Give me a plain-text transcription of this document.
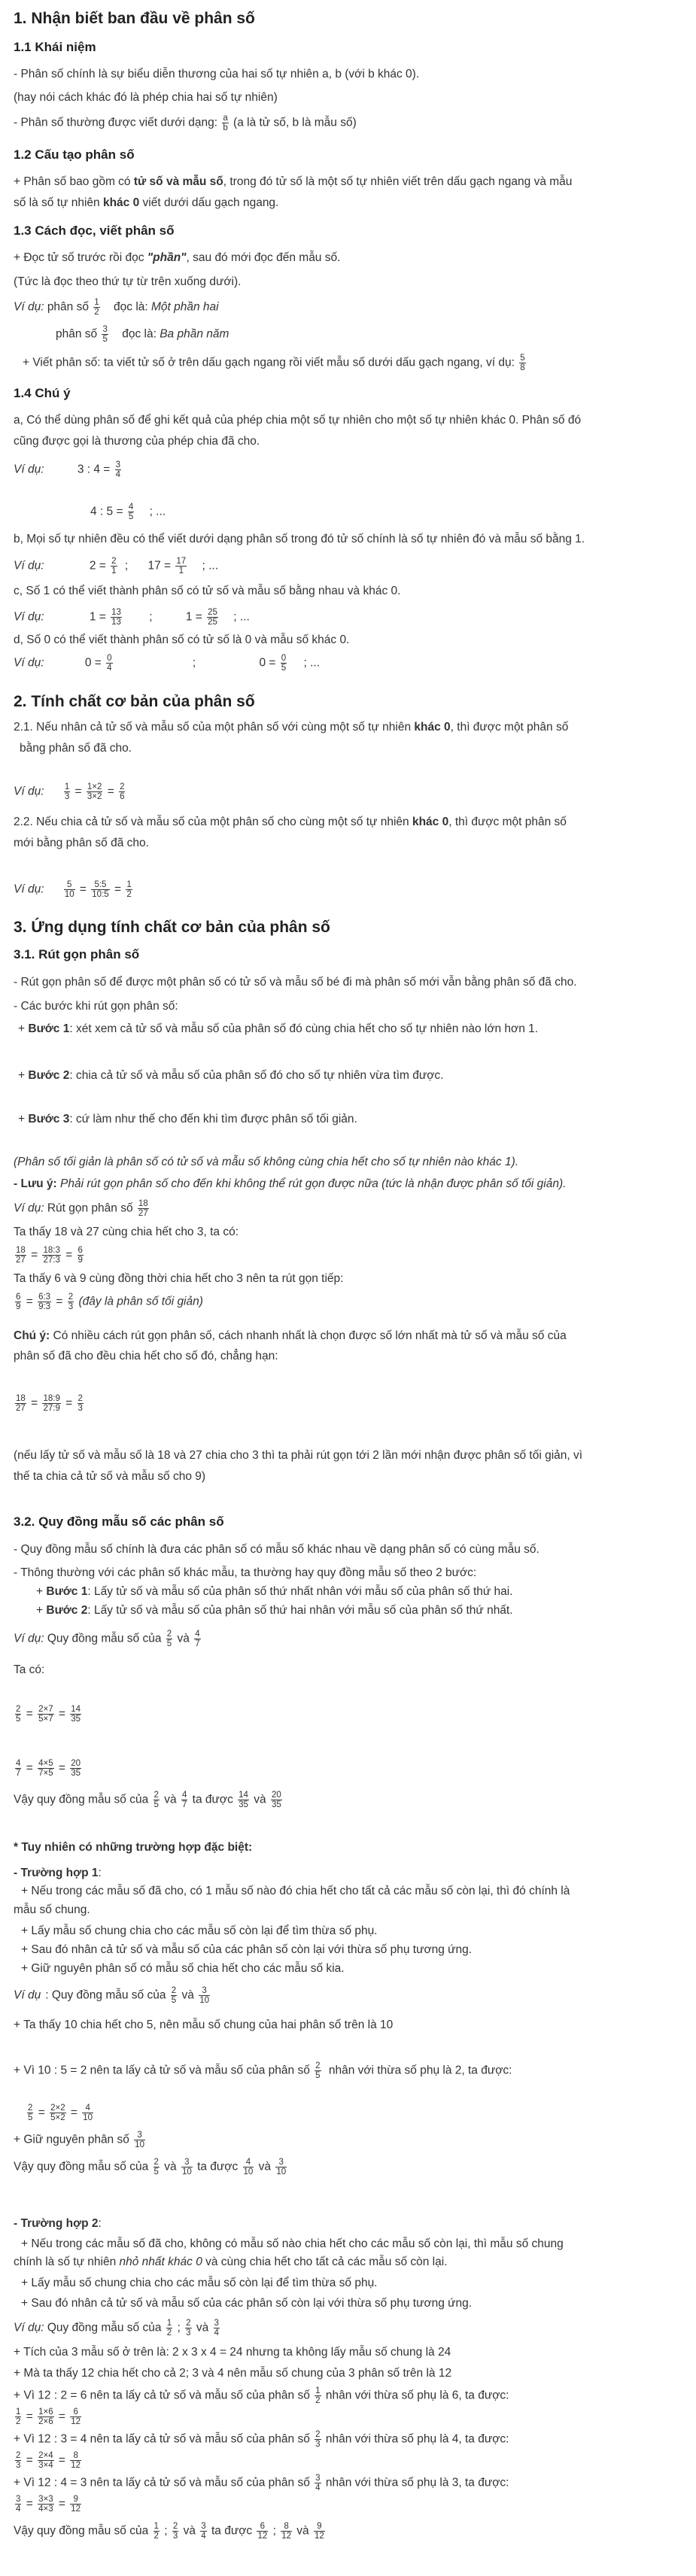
1. Nhận biết ban đầu về phân số
1.1 Khái niệm
- Phân số chính là sự biểu diễn thương của hai số tự nhiên a, b (với b khác 0).
(hay nói cách khác đó là phép chia hai số tự nhiên)
- Phân số thường được viết dưới dạng: $\frac{a}{b} (a$ là tử số, b là mẫu số)
1.2 Cấu tạo phân số
+ Phân số bao gồm có tử số và mẫu số, trong đó tử số là một số tự nhiên viết trên dấu gạch ngang và mẫu
số là số tự nhiên khác 0 viết dưới dấu gạch ngang.
1.3 Cách đọc, viết phân số
+ Đọc tử số trước rồi đọc "phần", sau đó mới đọc đến mẫu số.
(Tức là đọc theo thứ tự từ trên xuống dưới).
Ví dụ: phân số $\frac{1}{2}$ đọc là: Một phần hai
phân số $\frac{3}{5}$ đọc là: Ba phần năm
+ Viết phân số: ta viết tử số ở trên dấu gạch ngang rồi viết mẫu số dưới dấu gạch ngang, ví dụ: $\frac{5}{8}$
1.4 Chú ý
a, Có thể dùng phân số để ghi kết quả của phép chia một số tự nhiên cho một số tự nhiên khác 0. Phân số đó
cũng được gọi là thương của phép chia đã cho.
Ví dụ:	3 : $4 = \frac{3}{4}$
4 : $5 = \frac{4}{5}$ ; ...
b, Mọi số tự nhiên đều có thể viết dưới dạng phân số trong đó tử số chính là số tự nhiên đó và mẫu số bằng 1.
Ví dụ:	$2 = \frac{2}{1}$ ; $17 = \frac{17}{1}$ ; ...
c, Số 1 có thể viết thành phân số có tử số và mẫu số bằng nhau và khác 0.
Ví dụ:	$1 = \frac{13}{13}$ ;	$1 = \frac{25}{25}$ ; ...
d, Số 0 có thể viết thành phân số có tử số là 0 và mẫu số khác 0.
Ví dụ:	$0 = \frac{0}{4}$	;	$0 = \frac{0}{5}$ ; ...
2. Tính chất cơ bản của phân số
2.1. Nếu nhân cả tử số và mẫu số của một phân số với cùng một số tự nhiên khác 0, thì được một phân số
bằng phân số đã cho.
Ví dụ: $\frac{1}{3} = \frac{1\times 2}{3\times 2} = \frac{2}{6}$
2.2. Nếu chia cả tử số và mẫu số của một phân số cho cùng một số tự nhiên khác 0, thì được một phân số
mới bằng phân số đã cho.
Ví dụ: $\frac{5}{10} = \frac{5:5}{10:5} = \frac{1}{2}$
3. Ứng dụng tính chất cơ bản của phân số
3.1. Rút gọn phân số
- Rút gọn phân số để được một phân số có tử số và mẫu số bé đi mà phân số mới vẫn bằng phân số đã cho.
- Các bước khi rút gọn phân số:
+ Bước 1: xét xem cả tử số và mẫu số của phân số đó cùng chia hết cho số tự nhiên nào lớn hơn 1.
+ Bước 2: chia cả tử số và mẫu số của phân số đó cho số tự nhiên vừa tìm được.
+ Bước 3: cứ làm như thế cho đến khi tìm được phân số tối giản.
(Phân số tối giản là phân số có tử số và mẫu số không cùng chia hết cho số tự nhiên nào khác 1).
- Lưu ý: Phải rút gọn phân số cho đến khi không thể rút gọn được nữa (tức là nhận được phân số tối giản).
Ví dụ: Rút gọn phân số $\frac{18}{27}$
Ta thấy 18 và 27 cùng chia hết cho 3, ta có:
$\frac{18}{27} = \frac{18:3}{27:3} = \frac{6}{9}$
Ta thấy 6 và 9 cùng đồng thời chia hết cho 3 nên ta rút gọn tiếp:
$\frac{6}{9} = \frac{6:3}{9:3} = \frac{2}{3}$ (đây là phân số tối giản)
Chú ý: Có nhiều cách rút gọn phân số, cách nhanh nhất là chọn được số lớn nhất mà tử số và mẫu số của
phân số đã cho đều chia hết cho số đó, chẳng hạn:
$\frac{18}{27} = \frac{18:9}{27:9} = \frac{2}{3}$
(nếu lấy tử số và mẫu số là 18 và 27 chia cho 3 thì ta phải rút gọn tới 2 lần mới nhận được phân số tối giản, vì
thế ta chia cả tử số và mẫu số cho 9)
3.2. Quy đồng mẫu số các phân số
- Quy đồng mẫu số chính là đưa các phân số có mẫu số khác nhau về dạng phân số có cùng mẫu số.
- Thông thường với các phân số khác mẫu, ta thường hay quy đồng mẫu số theo 2 bước:
+ Bước 1: Lấy tử số và mẫu số của phân số thứ nhất nhân với mẫu số của phân số thứ hai.
+ Bước 2: Lấy tử số và mẫu số của phân số thứ hai nhân với mẫu số của phân số thứ nhất.
Ví dụ: Quy đồng mẫu số của $\frac{2}{5}$ và $\frac{4}{7}$
Ta có:
$\frac{2}{5} = \frac{2\times 7}{5\times 7} = \frac{14}{35}$
$\frac{4}{7} = \frac{4\times 5}{7\times 5} = \frac{20}{35}$
Vậy quy đồng mẫu số của $\frac{2}{5}$ và $\frac{4}{7}$ ta được $\frac{14}{35}$ và $\frac{20}{35}$
* Tuy nhiên có những trường hợp đặc biệt:
- Trường hợp 1:
+ Nếu trong các mẫu số đã cho, có 1 mẫu số nào đó chia hết cho tất cả các mẫu số còn lại, thì đó chính là
mẫu số chung.
+ Lấy mẫu số chung chia cho các mẫu số còn lại để tìm thừa số phụ.
+ Sau đó nhân cả tử số và mẫu số của các phân số còn lại với thừa số phụ tương ứng.
+ Giữ nguyên phân số có mẫu số chia hết cho các mẫu số kia.
Ví dụ : Quy đồng mẫu số của $\frac{2}{5}$ và $\frac{3}{10}$
+ Ta thấy 10 chia hết cho 5, nên mẫu số chung của hai phân số trên là 10
+ Vì 10 : 5 = 2 nên ta lấy cả tử số và mẫu số của phân số $\frac{2}{5}$ nhân với thừa số phụ là 2, ta được:
$\frac{2}{5} = \frac{2\times 2}{5\times 2} = \frac{4}{10}$
+ Giữ nguyên phân số $\frac{3}{10}$
Vậy quy đồng mẫu số của $\frac{2}{5}$ và $\frac{3}{10}$ ta được $\frac{4}{10}$ và $\frac{3}{10}$
- Trường hợp 2:
+ Nếu trong các mẫu số đã cho, không có mẫu số nào chia hết cho các mẫu số còn lại, thì mẫu số chung
chính là số tự nhiên nhỏ nhất khác 0 và cùng chia hết cho tất cả các mẫu số còn lại.
+ Lấy mẫu số chung chia cho các mẫu số còn lại để tìm thừa số phụ.
+ Sau đó nhân cả tử số và mẫu số của các phân số còn lại với thừa số phụ tương ứng.
Ví dụ: Quy đồng mẫu số của $\frac{1}{2}$ ; $\frac{2}{3}$ và $\frac{3}{4}$
+ Tích của 3 mẫu số ở trên là: 2 x 3 x 4 = 24 nhưng ta không lấy mẫu số chung là 24
+ Mà ta thấy 12 chia hết cho cả 2; 3 và 4 nên mẫu số chung của 3 phân số trên là 12
+ Vì 12 : 2 = 6 nên ta lấy cả tử số và mẫu số của phân số $\frac{1}{2}$ nhân với thừa số phụ là 6, ta được:
$\frac{1}{2} = \frac{1\times 6}{2\times 6} = \frac{6}{12}$
+ Vì 12 : 3 = 4 nên ta lấy cả tử số và mẫu số của phân số $\frac{2}{3}$ nhân với thừa số phụ là 4, ta được:
$\frac{2}{3} = \frac{2\times 4}{3\times 4} = \frac{8}{12}$
+ Vì 12 : 4 = 3 nên ta lấy cả tử số và mẫu số của phân số $\frac{3}{4}$ nhân với thừa số phụ là 3, ta được:
$\frac{3}{4} = \frac{3\times 3}{4\times 3} = \frac{9}{12}$
Vậy quy đồng mẫu số của $\frac{1}{2}$ ; $\frac{2}{3}$ và $\frac{3}{4}$ ta được $\frac{6}{12}$ ; $\frac{8}{12}$ và $\frac{9}{12}$
